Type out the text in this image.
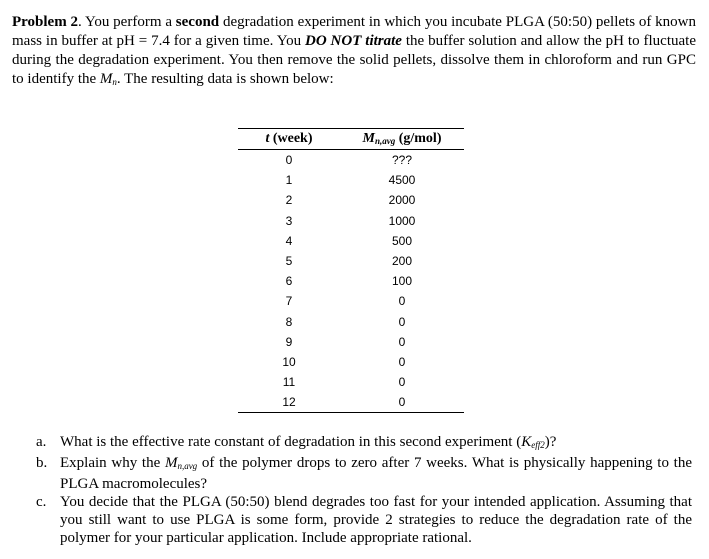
Problem 2. You perform a second degradation experiment in which you incubate PLGA (50:50) pellets of known mass in buffer at pH = 7.4 for a given time. You DO NOT titrate the buffer solution and allow the pH to fluctuate during the degradation experiment. You then remove the solid pellets, dissolve them in chloroform and run GPC to identify the $M_n$. The resulting data is shown below:
t (week)	$M_{n,avg}$ (g/mol)
0	???
1	4500
2	2000
3	1000
4	500
5	200
6	100
7	0
8	0
9	0
10	0
11	0
12	0
a. What is the effective rate constant of degradation in this second experiment $(K_{eff2})$?
b. Explain why the $M_{n,avg}$ of the polymer drops to zero after 7 weeks. What is physically happening to the PLGA macromolecules?
c. You decide that the PLGA (50:50) blend degrades too fast for your intended application. Assuming that you still want to use PLGA is some form, provide 2 strategies to reduce the degradation rate of the polymer for your particular application. Include appropriate rational.
